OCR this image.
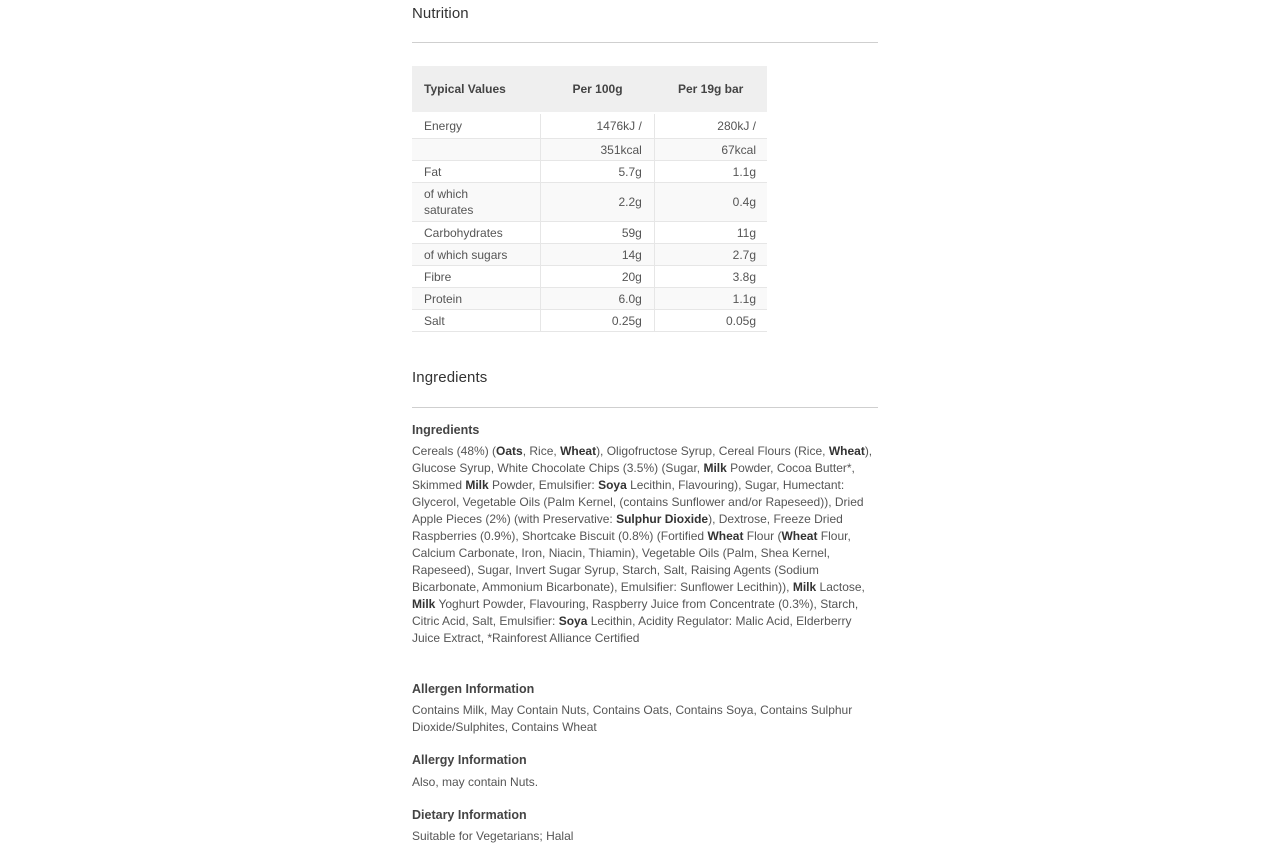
Nutrition
Typical Values	Per 100g	Per 19g bar

Energy	1476kJ /	280kJ /
	351kcal	67kcal
Fat	5.7g	1.1g
of which saturates	2.2g	0.4g
Carbohydrates	59g	11g
of which sugars	14g	2.7g
Fibre	20g	3.8g
Protein	6.0g	1.1g
Salt	0.25g	0.05g
Ingredients
Ingredients

Cereals (48%) (Oats, Rice, Wheat), Oligofructose Syrup, Cereal Flours (Rice, Wheat), Glucose Syrup, White Chocolate Chips (3.5%) (Sugar, Milk Powder, Cocoa Butter*, Skimmed Milk Powder, Emulsifier: Soya Lecithin, Flavouring), Sugar, Humectant: Glycerol, Vegetable Oils (Palm Kernel, (contains Sunflower and/or Rapeseed)), Dried Apple Pieces (2%) (with Preservative: Sulphur Dioxide), Dextrose, Freeze Dried Raspberries (0.9%), Shortcake Biscuit (0.8%) (Fortified Wheat Flour (Wheat Flour, Calcium Carbonate, Iron, Niacin, Thiamin), Vegetable Oils (Palm, Shea Kernel, Rapeseed), Sugar, Invert Sugar Syrup, Starch, Salt, Raising Agents (Sodium Bicarbonate, Ammonium Bicarbonate), Emulsifier: Sunflower Lecithin)), Milk Lactose, Milk Yoghurt Powder, Flavouring, Raspberry Juice from Concentrate (0.3%), Starch, Citric Acid, Salt, Emulsifier: Soya Lecithin, Acidity Regulator: Malic Acid, Elderberry Juice Extract, *Rainforest Alliance Certified

Allergen Information

Contains Milk, May Contain Nuts, Contains Oats, Contains Soya, Contains Sulphur Dioxide/Sulphites, Contains Wheat

Allergy Information

Also, may contain Nuts.

Dietary Information

Suitable for Vegetarians; Halal
